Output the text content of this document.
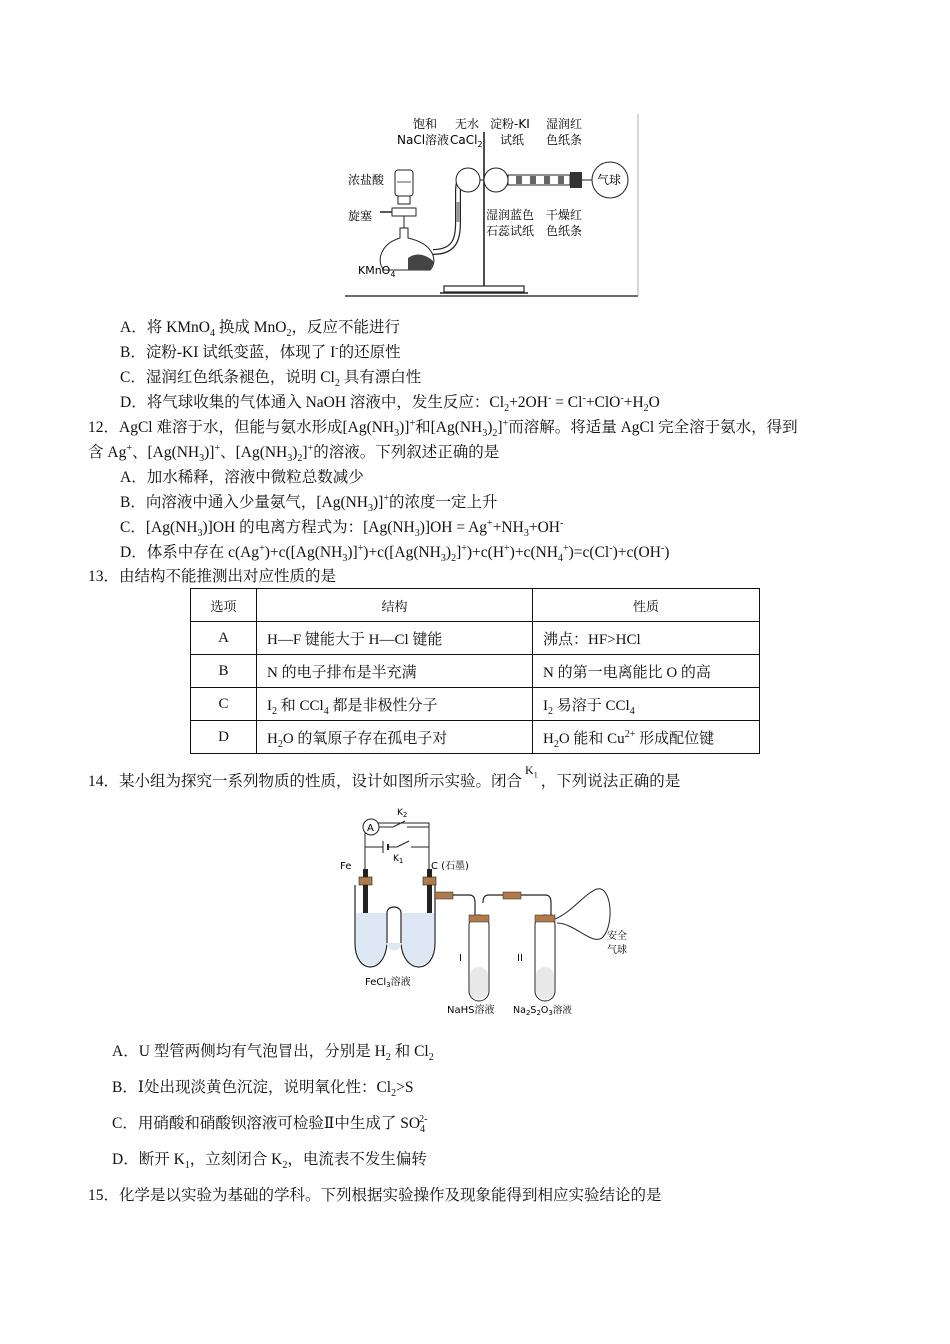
饱和
NaCl溶液
无水
CaCl$_2$
淀粉-KI
试纸
湿润红
色纸条
浓盐酸
旋塞
气球
湿润蓝色
石蕊试纸
干燥红
色纸条
KMnO$_4$
A．将 KMnO$_4$ 换成 MnO$_2$，反应不能进行
B．淀粉-KI 试纸变蓝，体现了 I-的还原性
C．湿润红色纸条褪色，说明 $Cl_2$ 具有漂白性
D．将气球收集的气体通入 NaOH 溶液中，发生反应：$Cl_2+2OH^- = Cl^-+ClO^-+H_2O$
12．AgCl 难溶于水，但能与氨水形成$[Ag(NH_3)]^+$和$[Ag(NH_3)_2]^+$而溶解。将适量 AgCl 完全溶于氨水，得到
含 Ag+、$[Ag(NH_3)]^+$、$[Ag(NH_3)_2]^+$的溶液。下列叙述正确的是
A．加水稀释，溶液中微粒总数减少
B．向溶液中通入少量氨气，$[Ag(NH_3)]^+$的浓度一定上升
C．$[Ag(NH_3)]OH$ 的电离方程式为：$[Ag(NH_3)]OH = Ag^++NH_3+OH^-$
D．体系中存在 $c(Ag^+)+c([Ag(NH_3)]^+)+c([Ag(NH_3)_2]^+)+c(H^+)+c(NH_4^+)=c(Cl^-)+c(OH^-)$
13．由结构不能推测出对应性质的是
选项	结构	性质
A	H—F 键能大于 H—Cl 键能	沸点：HF>HCl
B	N 的电子排布是半充满	N 的第一电离能比 O 的高
C	$I_2$ 和 CCl$_4$ 都是非极性分子	$I_2$ 易溶于 CCl$_4$
D	$H_2O$ 的氧原子存在孤电子对	$H_2O$ 能和 $Cu^{2+}$ 形成配位键
14．某小组为探究一系列物质的性质，设计如图所示实验。闭合$^{K_1}$ ，下列说法正确的是
A
$K_2$
$K_1$
Fe	C (石墨)
FeCl$_3$溶液
I
NaHS溶液
II
$Na_2S_2O_3$溶液
安全
气球
A．U 型管两侧均有气泡冒出，分别是 $H_2$ 和 $Cl_2$
B．Ⅰ处出现淡黄色沉淀，说明氧化性：$Cl_2>S$
C．用硝酸和硝酸钡溶液可检验Ⅱ中生成了 $SO_4^{2-}$
D．断开 $K_1$，立刻闭合 $K_2$，电流表不发生偏转
15．化学是以实验为基础的学科。下列根据实验操作及现象能得到相应实验结论的是
